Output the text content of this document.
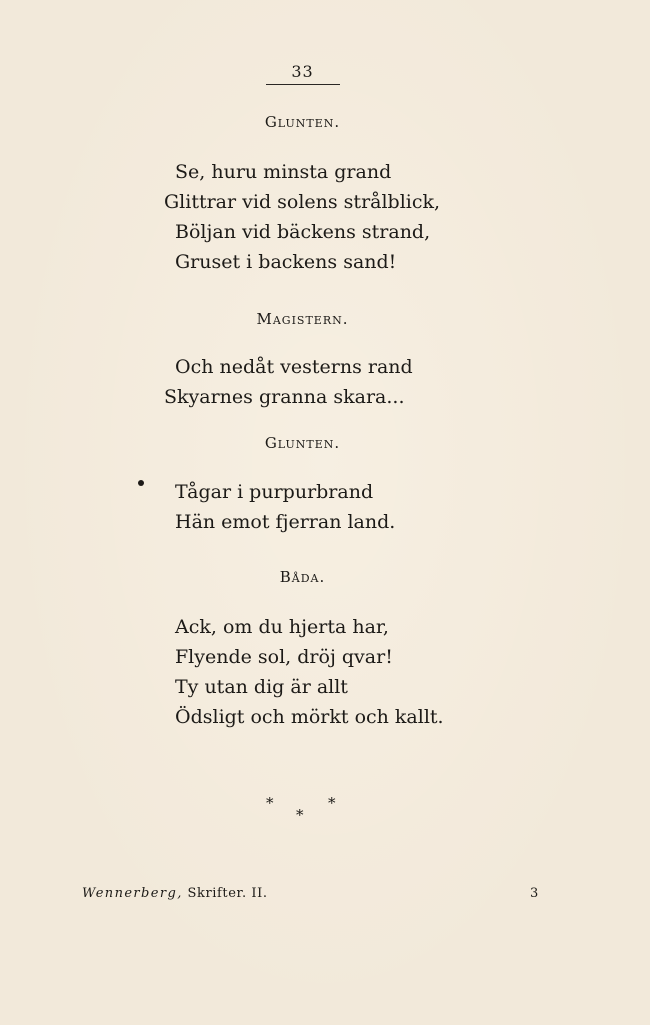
33
Glunten.
Se, huru minsta grand
Glittrar vid solens strålblick,
Böljan vid bäckens strand,
Gruset i backens sand!
Magistern.
Och nedåt vesterns rand
Skyarnes granna skara...
Glunten.
Tågar i purpurbrand
Hän emot fjerran land.
Båda.
Ack, om du hjerta har,
Flyende sol, dröj qvar!
Ty utan dig är allt
Ödsligt och mörkt och kallt.
*
*
*
Wennerberg, Skrifter. II.	3
